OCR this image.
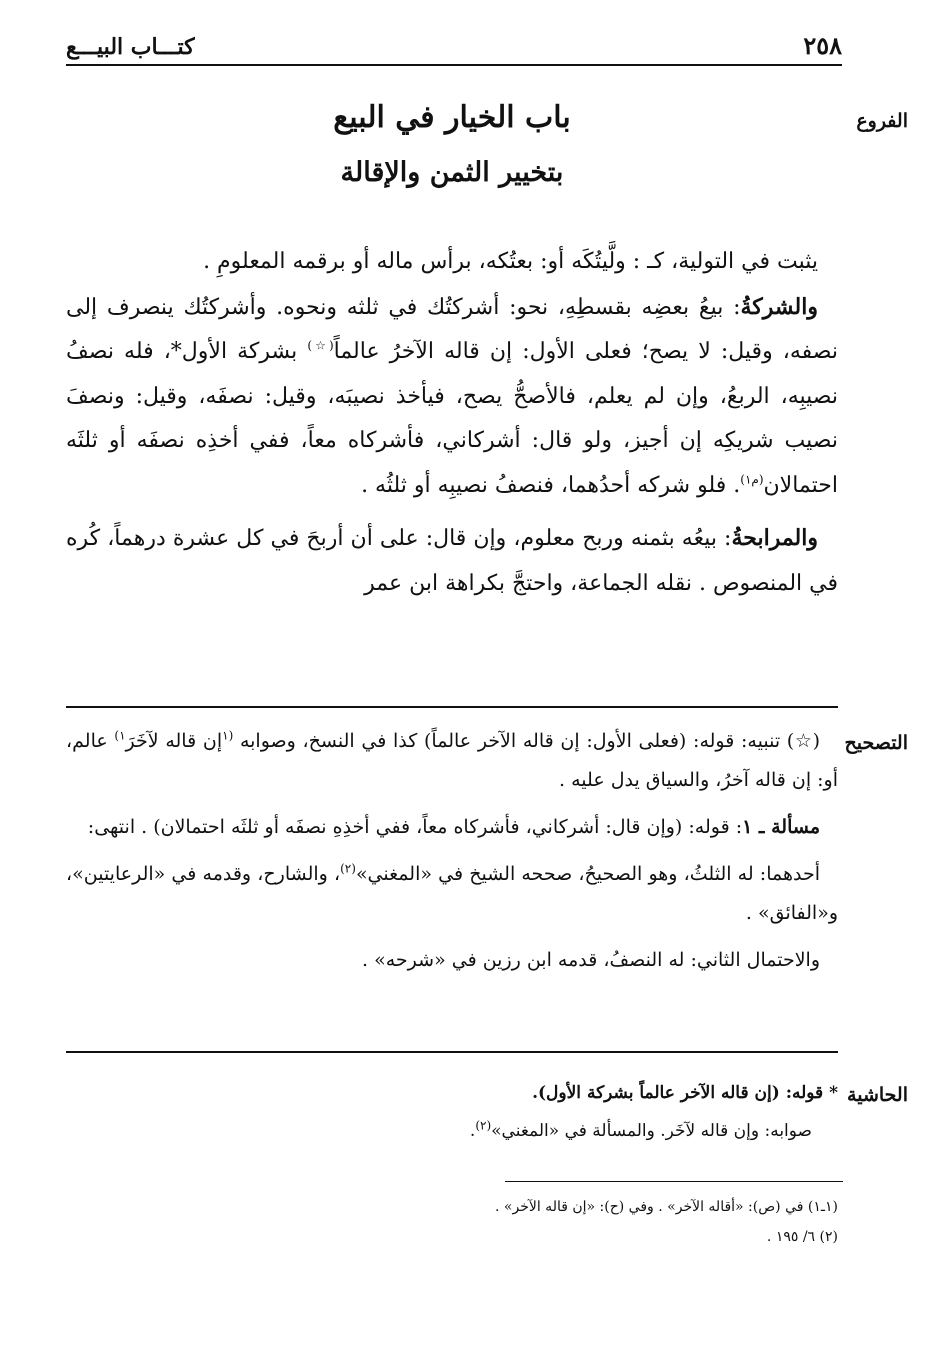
٢٥٨
كتـــاب البيـــع
الفروع
باب الخيار في البيع
بتخيير الثمن والإقالة

يثبت في التولية، كـ : ولَّيتُكَه أو: بعتُكه، برأس ماله أو برقمه المعلومِ .

والشركةُ: بيعُ بعضِه بقسطِهِ، نحو: أشركتُك في ثلثه ونحوه. وأشركتُك ينصرف إلى نصفه، وقيل: لا يصح؛ فعلى الأول: إن قاله الآخرُ عالماً(☆) بشركة الأول*، فله نصفُ نصيبِه، الربعُ، وإن لم يعلم، فالأصحُّ يصح، فيأخذ نصيبَه، وقيل: نصفَه، وقيل: ونصفَ نصيب شريكِه إن أجيز، ولو قال: أشركاني، فأشركاه معاً، ففي أخذِه نصفَه أو ثلثَه احتمالان$^{(م١)}$. فلو شركه أحدُهما، فنصفُ نصيبِه أو ثلثُه .

والمرابحةُ: بيعُه بثمنه وربح معلوم، وإن قال: على أن أربحَ في كل عشرة درهماً، كُره في المنصوص . نقله الجماعة، واحتجَّ بكراهة ابن عمر

التصحيح

(☆) تنبيه: قوله: (فعلى الأول: إن قاله الآخر عالماً) كذا في النسخ، وصوابه $^{(١}$إن قاله لآخَرَ$^{١)}$ عالم، أو: إن قاله آخرُ، والسياق يدل عليه .

مسألة ـ ١: قوله: (وإن قال: أشركاني، فأشركاه معاً، ففي أخذِهِ نصفَه أو ثلثَه احتمالان) . انتهى:

أحدهما: له الثلثُ، وهو الصحيحُ، صححه الشيخ في «المغني»$^{(٢)}$، والشارح، وقدمه في «الرعايتين»، و«الفائق» .

والاحتمال الثاني: له النصفُ، قدمه ابن رزين في «شرحه» .

الحاشية

* قوله: (إن قاله الآخر عالماً بشركة الأول).

صوابه: وإن قاله لآخَر. والمسألة في «المغني»$^{(٢)}$.

(١ـ١) في (ص): «أقاله الآخر» . وفي (ح): «إن قاله الآخر» .

(٢) ٦/ ١٩٥ .
